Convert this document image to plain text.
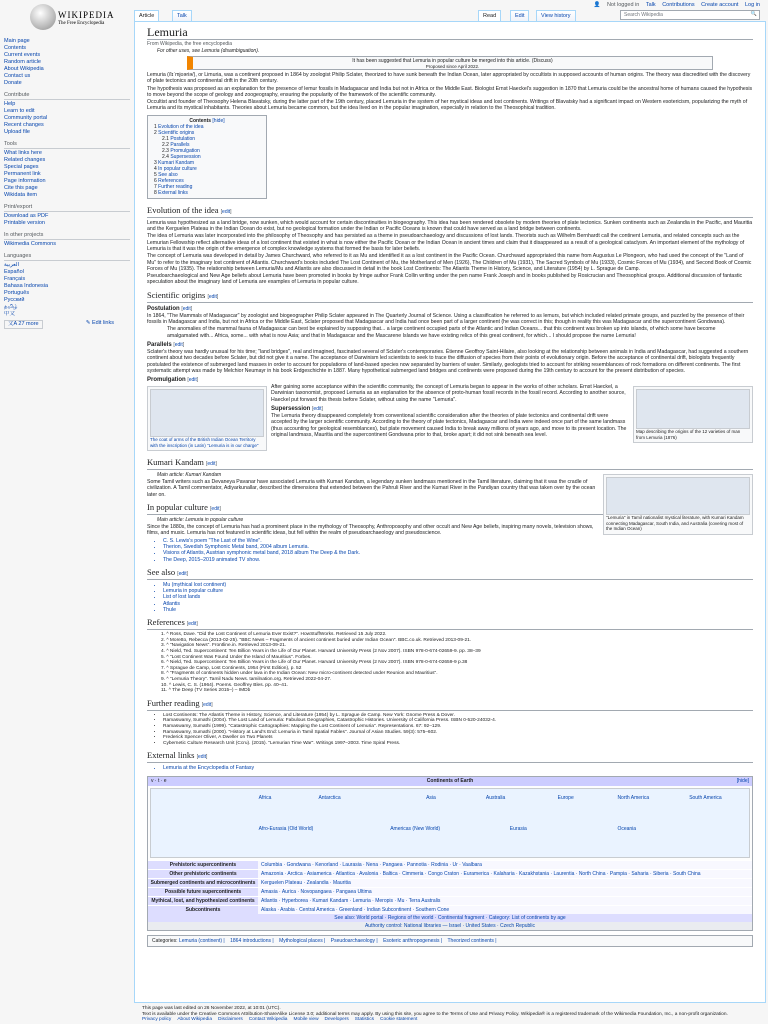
WIKIPEDIA
The Free Encyclopedia
Main page
Contents
Current events
Random article
About Wikipedia
Contact us
Donate
Contribute
Help
Learn to edit
Community portal
Recent changes
Upload file
Tools
What links here
Related changes
Special pages
Permanent link
Page information
Cite this page
Wikidata item
Print/export
Download as PDF
Printable version
In other projects
Wikimedia Commons
Languages
العربية
Español
Français
Bahasa Indonesia
Português
Русский
தமிழ்
中文
文A 27 more	✎ Edit links
👤 Not logged in Talk Contributions Create account Log in
Article	Talk	Read	Edit	View history	Search Wikipedia	🔍
Lemuria
From Wikipedia, the free encyclopedia
For other uses, see Lemuria (disambiguation).
It has been suggested that Lemuria in popular culture be merged into this article. (Discuss)
Proposed since April 2022.

Lemuria (/lɪˈmjʊəriə/), or Limuria, was a continent proposed in 1864 by zoologist Philip Sclater, theorized to have sunk beneath the Indian Ocean, later appropriated by occultists in supposed accounts of human origins. The theory was discredited with the discovery of plate tectonics and continental drift in the 20th century.

The hypothesis was proposed as an explanation for the presence of lemur fossils in Madagascar and India but not in Africa or the Middle East. Biologist Ernst Haeckel's suggestion in 1870 that Lemuria could be the ancestral home of humans caused the hypothesis to move beyond the scope of geology and zoogeography, ensuring the popularity of the framework of the scientific community.

Occultist and founder of Theosophy Helena Blavatsky, during the latter part of the 19th century, placed Lemuria in the system of her mystical ideas and lost continents. Writings of Blavatsky had a significant impact on Western esotericism, popularizing the myth of Lemuria and its mystical inhabitants. Theories about Lemuria became common, but the idea lived on in the popular imagination, especially in relation to the Theosophical tradition.

Contents [hide]
1 Evolution of the idea
2 Scientific origins
2.1 Postulation
2.2 Parallels
2.3 Promulgation
2.4 Supersession
3 Kumari Kandam
4 In popular culture
5 See also
6 References
7 Further reading
8 External links
Evolution of the idea [edit]

Lemuria was hypothesized as a land bridge, now sunken, which would account for certain discontinuities in biogeography. This idea has been rendered obsolete by modern theories of plate tectonics. Sunken continents such as Zealandia in the Pacific, and Mauritia and the Kerguelen Plateau in the Indian Ocean do exist, but no geological formation under the Indian or Pacific Oceans is known that could have served as a land bridge between continents.

The idea of Lemuria was later incorporated into the philosophy of Theosophy and has persisted as a theme in pseudoarchaeology and discussions of lost lands. Theorists such as Wilhelm Bernhardt call the continent Lemuria, and related concepts such as the Lemurian Fellowship reflect alternative ideas of a lost continent that existed in what is now either the Pacific Ocean or the Indian Ocean in ancient times and claim that it disappeared as a result of a geological cataclysm. An important element of the mythology of Lemuria is that it was the origin of the emergence of complex knowledge systems that formed the basis for later beliefs.

The concept of Lemuria was developed in detail by James Churchward, who referred to it as Mu and identified it as a lost continent in the Pacific Ocean. Churchward appropriated this name from Augustus Le Plongeon, who had used the concept of the "Land of Mu" to refer to the imaginary lost continent of Atlantis. Churchward's books included The Lost Continent of Mu, the Motherland of Men (1926), The Children of Mu (1931), The Sacred Symbols of Mu (1933), Cosmic Forces of Mu (1934), and Second Book of Cosmic Forces of Mu (1935). The relationship between Lemuria/Mu and Atlantis are also discussed in detail in the book Lost Continents: The Atlantis Theme in History, Science, and Literature (1954) by L. Sprague de Camp.

Pseudoarchaeological and New Age beliefs about Lemuria have been promoted in books by fringe author Frank Collin writing under the pen name Frank Joseph and in books published by Rosicrucian and Theosophical groups. Additional discussion of fantastic speculation about the imaginary land of Lemuria are examples of Lemuria in popular culture.

Scientific origins [edit]
Postulation [edit]

In 1864, "The Mammals of Madagascar" by zoologist and biogeographer Philip Sclater appeared in The Quarterly Journal of Science. Using a classification he referred to as lemurs, but which included related primate groups, and puzzled by the presence of their fossils in Madagascar and India, but not in Africa or the Middle East, Sclater proposed that Madagascar and India had once been part of a larger continent (he was correct in this; though in reality this was Madagascar and the supercontinent Gondwana).

The anomalies of the mammal fauna of Madagascar can best be explained by supposing that... a large continent occupied parts of the Atlantic and Indian Oceans... that this continent was broken up into islands, of which some have become amalgamated with... Africa, some... with what is now Asia; and that in Madagascar and the Mascarene Islands we have existing relics of this great continent, for which... I should propose the name Lemuria!

Parallels [edit]

Sclater's theory was hardly unusual for his time; "land bridges", real and imagined, fascinated several of Sclater's contemporaries. Étienne Geoffroy Saint-Hilaire, also looking at the relationship between animals in India and Madagascar, had suggested a southern continent about two decades before Sclater, but did not give it a name. The acceptance of Darwinism led scientists to seek to trace the diffusion of species from their points of evolutionary origin. Before the acceptance of continental drift, biologists frequently postulated the existence of submerged land masses in order to account for populations of land-based species now separated by barriers of water. Similarly, geologists tried to account for striking resemblances of rock formations on different continents. The first systematic attempt was made by Melchior Neumayr in his book Erdgeschichte in 1887. Many hypothetical submerged land bridges and continents were proposed during the 19th century to account for the present distribution of species.

Promulgation [edit]
The coat of arms of the British Indian Ocean Territory with the inscription (in Latin) "Lemuria is in our charge"
Map describing the origins of the 12 varieties of man from Lemuria (1876)

After gaining some acceptance within the scientific community, the concept of Lemuria began to appear in the works of other scholars. Ernst Haeckel, a Darwinian taxonomist, proposed Lemuria as an explanation for the absence of proto-human fossil records in the fossil record. According to another source, Haeckel put forward this thesis before Sclater, without using the name "Lemuria".

Supersession [edit]

The Lemuria theory disappeared completely from conventional scientific consideration after the theories of plate tectonics and continental drift were accepted by the larger scientific community. According to the theory of plate tectonics, Madagascar and India were indeed once part of the same landmass (thus accounting for geological resemblances), but plate movement caused India to break away millions of years ago, and move to its present location. The original landmass, Mauritia and the supercontinent Gondwana prior to that, broke apart; it did not sink beneath sea level.

Kumari Kandam [edit]
"Lemuria" in Tamil nationalist mystical literature, with Kumari Kandam connecting Madagascar, South India, and Australia (covering most of the Indian Ocean)
Main article: Kumari Kandam

Some Tamil writers such as Devaneya Pavanar have associated Lemuria with Kumari Kandam, a legendary sunken landmass mentioned in the Tamil literature, claiming that it was the cradle of civilization. A Tamil commentator, Adiyarkunallar, described the dimensions that extended between the Pahruli River and the Kumari River in the Pandiyan country that was taken over by the ocean later on.

In popular culture [edit]
Main article: Lemuria in popular culture

Since the 1880s, the concept of Lemuria has had a prominent place in the mythology of Theosophy, Anthroposophy and other occult and New Age beliefs, inspiring many novels, television shows, films, and music. Lemuria has not featured in scientific ideas, but fell within the realm of pseudoarchaeology and pseudoscience.

• C. S. Lewis's poem "The Last of the Wine".
• Therion, Swedish Symphonic Metal band, 2004 album Lemuria.
• Visions of Atlantis, Austrian symphonic metal band, 2018 album The Deep & the Dark.
• The Deep, 2015–2019 animated TV show.
See also [edit]
• Mu (mythical lost continent)
• Lemuria in popular culture
• List of lost lands
• Atlantis
• Thule
References [edit]
1. ^ Ross, Dave. "Did the Lost Continent of Lemuria Ever Exist?". HowStuffWorks. Retrieved 15 July 2022.
2. ^ Moretto, Rebecca (2013-02-25). "BBC News – Fragments of ancient continent buried under Indian Ocean". BBC.co.uk. Retrieved 2013-09-21.
3. ^ "Navigation News". Frontline.in. Retrieved 2013-09-21.
4. ^ Nield, Ted. Supercontinent: Ten Billion Years in the Life of Our Planet. Harvard University Press (2 Nov 2007). ISBN 978-0-674-02659-9. pp. 38–39
5. ^ "Lost Continent Was Found Under the Island of Mauritius". Forbes.
6. ^ Nield, Ted. Supercontinent: Ten Billion Years in the Life of Our Planet. Harvard University Press (2 Nov 2007). ISBN 978-0-674-02659-9 p.38
7. ^ Sprague de Camp, Lost Continents, 1954 (First Edition), p. 52
8. ^ "Fragments of continents hidden under lava in the Indian Ocean: New micro-continent detected under Reunion and Mauritius".
9. ^ "Lemuria Theory". Tamil Nadu News. tamilnation.org. Retrieved 2022-04-27.
10. ^ Lewis, C. S. (1964). Poems. Geoffrey Bles. pp. 40–41.
11. ^ The Deep (TV Series 2015–) – IMDb
Further reading [edit]
• Lost Continents: The Atlantis Theme in History, Science, and Literature (1954) by L. Sprague de Camp. New York: Gnome Press & Dover.
• Ramaswamy, Sumathi (2004). The Lost Land of Lemuria: Fabulous Geographies, Catastrophic Histories. University of California Press. ISBN 0-520-24032-4.
• Ramaswamy, Sumathi (1999). "Catastrophic Cartographies: Mapping the Lost Continent of Lemuria". Representations. 67: 92–129.
• Ramaswamy, Sumathi (2000). "History at Land's End: Lemuria in Tamil Spatial Fables". Journal of Asian Studies. 59(3): 575–602.
• Frederick Spencer Oliver, A Dweller on Two Planets
• Cybernetic Culture Research Unit (Ccru). (2015). "Lemurian Time War". Writings 1997–2003. Time Spiral Press.
External links [edit]
• Lemuria at the Encyclopedia of Fantasy
v · t · e	Continents of Earth	[hide]
Africa	Antarctica	Asia	Australia	Europe	North America	South America
Afro-Eurasia (Old World)	Americas (New World)	Eurasia	Oceania
Prehistoric supercontinents	Columbia · Gondwana · Kenorland · Laurasia · Nena · Pangaea · Pannotia · Rodinia · Ur · Vaalbara
Other prehistoric continents	Amazonia · Arctica · Asiamerica · Atlantica · Avalonia · Baltica · Cimmeria · Congo Craton · Euramerica · Kalaharia · Kazakhstania · Laurentia · North China · Pampia · Saharia · Siberia · South China
Submerged continents and microcontinents	Kerguelen Plateau · Zealandia · Mauritia
Possible future supercontinents	Amasia · Aurica · Novopangaea · Pangaea Ultima
Mythical, lost, and hypothesized continents	Atlantis · Hyperborea · Kumari Kandam · Lemuria · Meropis · Mu · Terra Australis
Subcontinents	Alaska · Arabia · Central America · Greenland · Indian Subcontinent · Southern Cone
See also: World portal · Regions of the world · Continental fragment · Category: List of continents by age
Authority control: National libraries — Israel · United States · Czech Republic
Categories: Lemuria (continent) | 1864 introductions | Mythological places | Pseudoarchaeology | Esoteric anthropogenesis | Theorized continents |
This page was last edited on 26 November 2022, at 10:01 (UTC).
Text is available under the Creative Commons Attribution-ShareAlike License 3.0; additional terms may apply. By using this site, you agree to the Terms of Use and Privacy Policy. Wikipedia® is a registered trademark of the Wikimedia Foundation, Inc., a non-profit organization.
Privacy policy About Wikipedia Disclaimers Contact Wikipedia Mobile view Developers Statistics Cookie statement
